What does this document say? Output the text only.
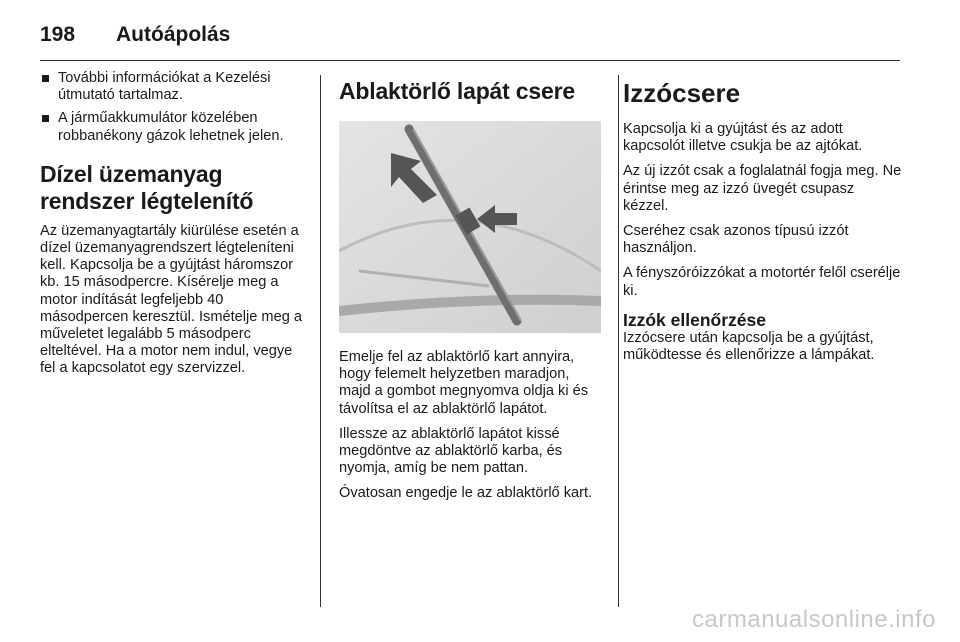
198	Autóápolás
További információkat a Kezelési útmutató tartalmaz.
A járműakkumulátor közelében robbanékony gázok lehetnek jelen.
Dízel üzemanyag rendszer légtelenítő

Az üzemanyagtartály kiürülése esetén a dízel üzemanyagrendszert légteleníteni kell. Kapcsolja be a gyújtást háromszor kb. 15 másodpercre. Kísérelje meg a motor indítását legfeljebb 40 másodpercen keresztül. Ismételje meg a műveletet legalább 5 másodperc elteltével. Ha a motor nem indul, vegye fel a kapcsolatot egy szervizzel.

Ablaktörlő lapát csere

Emelje fel az ablaktörlő kart annyira, hogy felemelt helyzetben maradjon, majd a gombot megnyomva oldja ki és távolítsa el az ablaktörlő lapátot.

Illessze az ablaktörlő lapátot kissé megdöntve az ablaktörlő karba, és nyomja, amíg be nem pattan.

Óvatosan engedje le az ablaktörlő kart.

Izzócsere

Kapcsolja ki a gyújtást és az adott kapcsolót illetve csukja be az ajtókat.

Az új izzót csak a foglalatnál fogja meg. Ne érintse meg az izzó üvegét csupasz kézzel.

Cseréhez csak azonos típusú izzót használjon.

A fényszóróizzókat a motortér felől cserélje ki.

Izzók ellenőrzése

Izzócsere után kapcsolja be a gyújtást, működtesse és ellenőrizze a lámpákat.

carmanualsonline.info
